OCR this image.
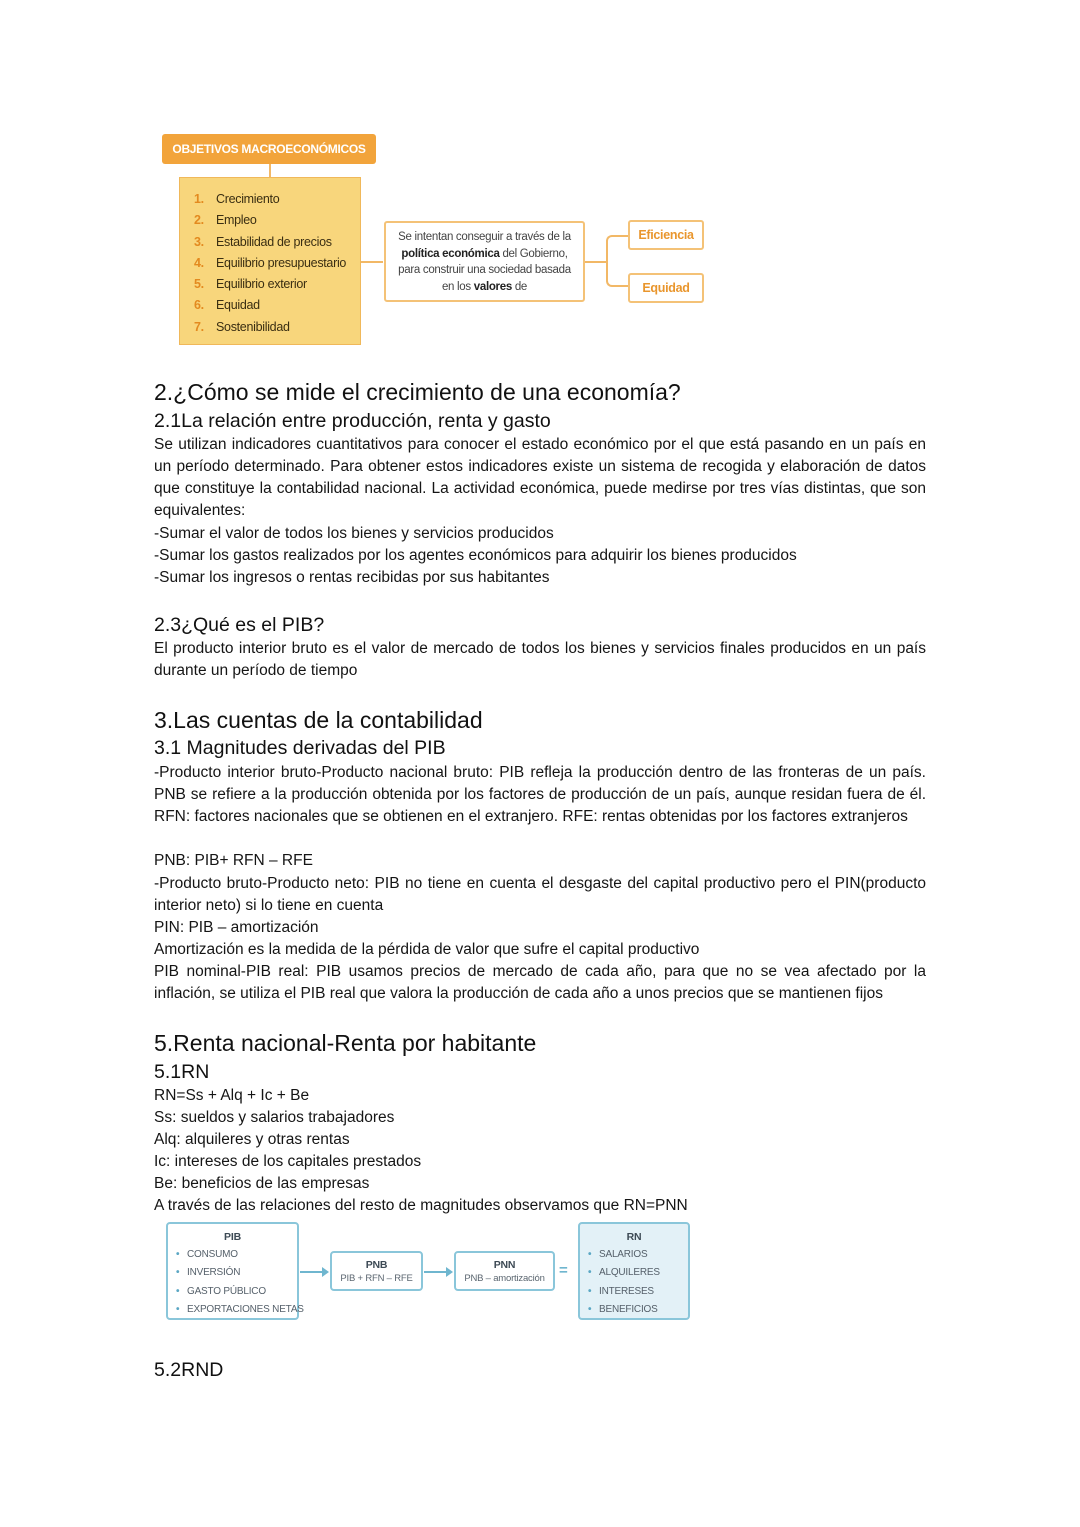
OBJETIVOS MACROECONÓMICOS
1. Crecimiento
2. Empleo
3. Estabilidad de precios
4. Equilibrio presupuestario
5. Equilibrio exterior
6. Equidad
7. Sostenibilidad
Se intentan conseguir a través de la política económica del Gobierno, para construir una sociedad basada en los valores de
Eficiencia
Equidad
2.¿Cómo se mide el crecimiento de una economía?
2.1La relación entre producción, renta y gasto
Se utilizan indicadores cuantitativos para conocer el estado económico por el que está pasando en un país en un período determinado. Para obtener estos indicadores existe un sistema de recogida y elaboración de datos que constituye la contabilidad nacional. La actividad económica, puede medirse por tres vías distintas, que son equivalentes:
-Sumar el valor de todos los bienes y servicios producidos
-Sumar los gastos realizados por los agentes económicos para adquirir los bienes producidos
-Sumar los ingresos o rentas recibidas por sus habitantes
2.3¿Qué es el PIB?
El producto interior bruto es el valor de mercado de todos los bienes y servicios finales producidos en un país durante un período de tiempo
3.Las cuentas de la contabilidad
3.1 Magnitudes derivadas del PIB
-Producto interior bruto-Producto nacional bruto: PIB refleja la producción dentro de las fronteras de un país. PNB se refiere a la producción obtenida por los factores de producción de un país, aunque residan fuera de él. RFN: factores nacionales que se obtienen en el extranjero. RFE: rentas obtenidas por los factores extranjeros
PNB: PIB+ RFN – RFE
-Producto bruto-Producto neto: PIB no tiene en cuenta el desgaste del capital productivo pero el PIN(producto interior neto) si lo tiene en cuenta
PIN: PIB – amortización
Amortización es la medida de la pérdida de valor que sufre el capital productivo
PIB nominal-PIB real: PIB usamos precios de mercado de cada año, para que no se vea afectado por la inflación, se utiliza el PIB real que valora la producción de cada año a unos precios que se mantienen fijos
5.Renta nacional-Renta por habitante
5.1RN
RN=Ss + Alq + Ic + Be
Ss: sueldos y salarios trabajadores
Alq: alquileres y otras rentas
Ic: intereses de los capitales prestados
Be: beneficios de las empresas
A través de las relaciones del resto de magnitudes observamos que RN=PNN
PIB
• CONSUMO
• INVERSIÓN
• GASTO PÚBLICO
• EXPORTACIONES NETAS
PNB
PIB + RFN – RFE
PNN
PNB – amortización =
RN
• SALARIOS
• ALQUILERES
• INTERESES
• BENEFICIOS
5.2RND
